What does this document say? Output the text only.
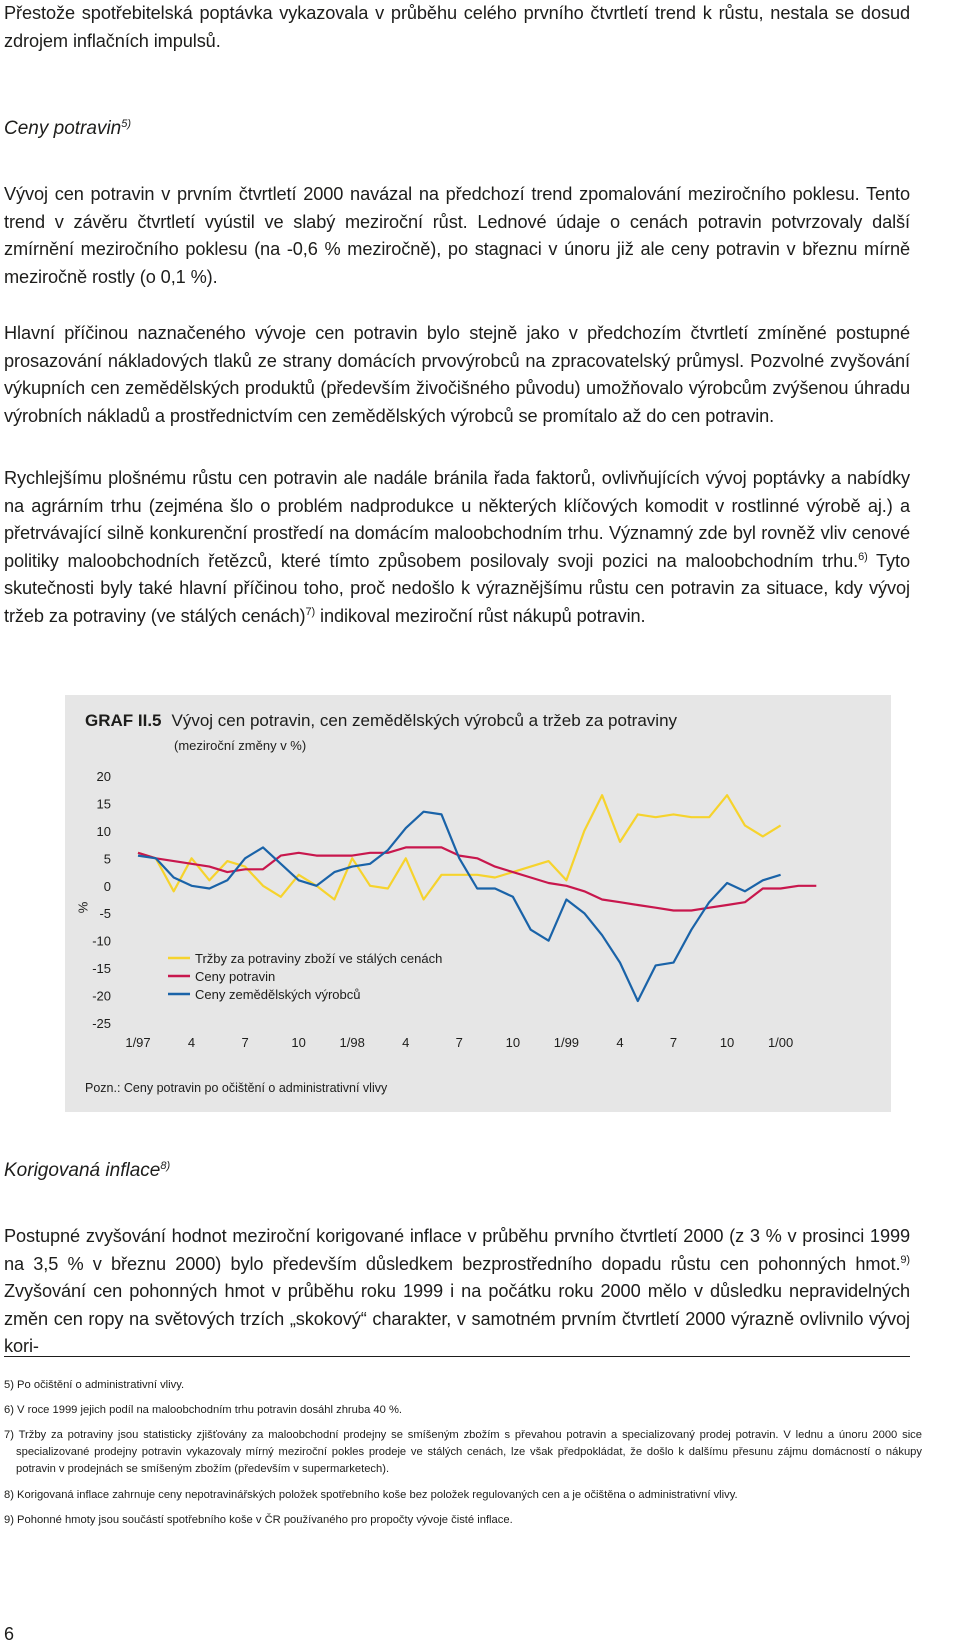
Přestože spotřebitelská poptávka vykazovala v průběhu celého prvního čtvrtletí trend k růstu, nestala se dosud zdrojem inflačních impulsů.

Ceny potravin$^{5)}$

Vývoj cen potravin v prvním čtvrtletí 2000 navázal na předchozí trend zpomalování meziročního poklesu. Tento trend v závěru čtvrtletí vyústil ve slabý meziroční růst. Lednové údaje o cenách potravin potvrzovaly další zmírnění meziročního poklesu (na -0,6 % meziročně), po stagnaci v únoru již ale ceny potravin v březnu mírně meziročně rostly (o 0,1 %).

Hlavní příčinou naznačeného vývoje cen potravin bylo stejně jako v předchozím čtvrtletí zmíněné postupné prosazování nákladových tlaků ze strany domácích prvovýrobců na zpracovatelský průmysl. Pozvolné zvyšování výkupních cen zemědělských produktů (především živočišného původu) umožňovalo výrobcům zvýšenou úhradu výrobních nákladů a prostřednictvím cen zemědělských výrobců se promítalo až do cen potravin.

Rychlejšímu plošnému růstu cen potravin ale nadále bránila řada faktorů, ovlivňujících vývoj poptávky a nabídky na agrárním trhu (zejména šlo o problém nadprodukce u některých klíčových komodit v rostlinné výrobě aj.) a přetrvávající silně konkurenční prostředí na domácím maloobchodním trhu. Významný zde byl rovněž vliv cenové politiky maloobchodních řetězců, které tímto způsobem posilovaly svoji pozici na maloobchodním trhu.$^{6)}$ Tyto skutečnosti byly také hlavní příčinou toho, proč nedošlo k výraznějšímu růstu cen potravin za situace, kdy vývoj tržeb za potraviny (ve stálých cenách)$^{7)}$ indikoval meziroční růst nákupů potravin.

GRAF II.5 Vývoj cen potravin, cen zemědělských výrobců a tržeb za potraviny
(meziroční změny v %)
%
20
15
10
5
0
-5
-10
-15
-20
-25
1/97	4	7	10	1/98	4	7	10	1/99	4	7	10	1/00
Tržby za potraviny zboží ve stálých cenách
Ceny potravin
Ceny zemědělských výrobců
Pozn.: Ceny potravin po očištění o administrativní vlivy

Korigovaná inflace$^{8)}$

Postupné zvyšování hodnot meziroční korigované inflace v průběhu prvního čtvrtletí 2000 (z 3 % v prosinci 1999 na 3,5 % v březnu 2000) bylo především důsledkem bezprostředního dopadu růstu cen pohonných hmot.$^{9)}$ Zvyšování cen pohonných hmot v průběhu roku 1999 i na počátku roku 2000 mělo v důsledku nepravidelných změn cen ropy na světových trzích „skokový“ charakter, v samotném prvním čtvrtletí 2000 výrazně ovlivnilo vývoj kori-

5) Po očištění o administrativní vlivy.

6) V roce 1999 jejich podíl na maloobchodním trhu potravin dosáhl zhruba 40 %.

7) Tržby za potraviny jsou statisticky zjišťovány za maloobchodní prodejny se smíšeným zbožím s převahou potravin a specializovaný prodej potravin. V lednu a únoru 2000 sice specializované prodejny potravin vykazovaly mírný meziroční pokles prodeje ve stálých cenách, lze však předpokládat, že došlo k dalšímu přesunu zájmu domácností o nákupy potravin v prodejnách se smíšeným zbožím (především v supermarketech).

8) Korigovaná inflace zahrnuje ceny nepotravinářských položek spotřebního koše bez položek regulovaných cen a je očištěna o administrativní vlivy.

9) Pohonné hmoty jsou součástí spotřebního koše v ČR používaného pro propočty vývoje čisté inflace.

6
